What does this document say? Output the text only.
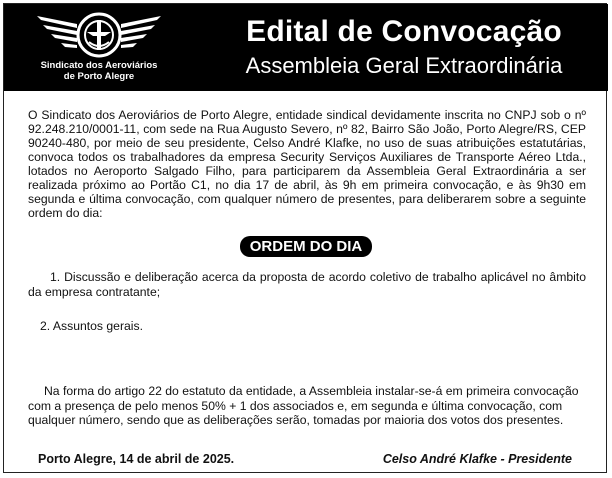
Sindicato dos Aeroviários
de Porto Alegre
Edital de Convocação
Assembleia Geral Extraordinária

O Sindicato dos Aeroviários de Porto Alegre, entidade sindical devidamente inscrita no CNPJ sob o nº 92.248.210/0001-11, com sede na Rua Augusto Severo, nº 82, Bairro São João, Porto Alegre/RS, CEP 90240-480, por meio de seu presidente, Celso André Klafke, no uso de suas atribuições estatutárias, convoca todos os trabalhadores da empresa Security Serviços Auxiliares de Transporte Aéreo Ltda., lotados no Aeroporto Salgado Filho, para participarem da Assembleia Geral Extraordinária a ser realizada próximo ao Portão C1, no dia 17 de abril, às 9h em primeira convocação, e às 9h30 em segunda e última convocação, com qualquer número de presentes, para deliberarem sobre a seguinte ordem do dia:

ORDEM DO DIA

1. Discussão e deliberação acerca da proposta de acordo coletivo de trabalho aplicável no âmbito da empresa contratante;

2. Assuntos gerais.

Na forma do artigo 22 do estatuto da entidade, a Assembleia instalar-se-á em primeira convocação com a presença de pelo menos 50% + 1 dos associados e, em segunda e última convocação, com qualquer número, sendo que as deliberações serão, tomadas por maioria dos votos dos presentes.

Porto Alegre, 14 de abril de 2025.	Celso André Klafke - Presidente
